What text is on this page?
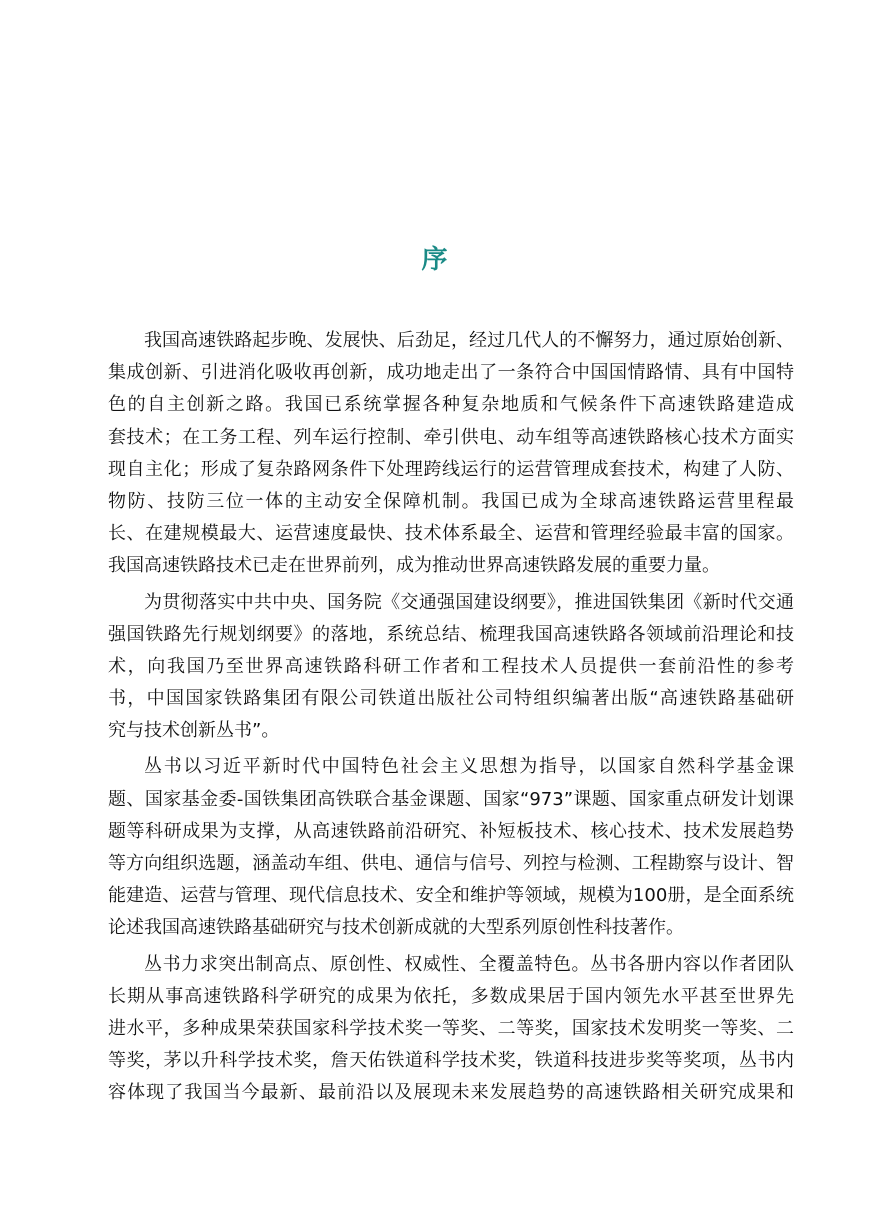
序
我国高速铁路起步晚、发展快、后劲足，经过几代人的不懈努力，通过原始创新、
集成创新、引进消化吸收再创新，成功地走出了一条符合中国国情路情、具有中国特
色的自主创新之路。我国已系统掌握各种复杂地质和气候条件下高速铁路建造成
套技术；在工务工程、列车运行控制、牵引供电、动车组等高速铁路核心技术方面实
现自主化；形成了复杂路网条件下处理跨线运行的运营管理成套技术，构建了人防、
物防、技防三位一体的主动安全保障机制。我国已成为全球高速铁路运营里程最
长、在建规模最大、运营速度最快、技术体系最全、运营和管理经验最丰富的国家。
我国高速铁路技术已走在世界前列，成为推动世界高速铁路发展的重要力量。
为贯彻落实中共中央、国务院《交通强国建设纲要》，推进国铁集团《新时代交通
强国铁路先行规划纲要》的落地，系统总结、梳理我国高速铁路各领域前沿理论和技
术，向我国乃至世界高速铁路科研工作者和工程技术人员提供一套前沿性的参考
书，中国国家铁路集团有限公司铁道出版社公司特组织编著出版“高速铁路基础研
究与技术创新丛书”。
丛书以习近平新时代中国特色社会主义思想为指导，以国家自然科学基金课
题、国家基金委-国铁集团高铁联合基金课题、国家“973”课题、国家重点研发计划课
题等科研成果为支撑，从高速铁路前沿研究、补短板技术、核心技术、技术发展趋势
等方向组织选题，涵盖动车组、供电、通信与信号、列控与检测、工程勘察与设计、智
能建造、运营与管理、现代信息技术、安全和维护等领域，规模为100册，是全面系统
论述我国高速铁路基础研究与技术创新成就的大型系列原创性科技著作。
丛书力求突出制高点、原创性、权威性、全覆盖特色。丛书各册内容以作者团队
长期从事高速铁路科学研究的成果为依托，多数成果居于国内领先水平甚至世界先
进水平，多种成果荣获国家科学技术奖一等奖、二等奖，国家技术发明奖一等奖、二
等奖，茅以升科学技术奖，詹天佑铁道科学技术奖，铁道科技进步奖等奖项，丛书内
容体现了我国当今最新、最前沿以及展现未来发展趋势的高速铁路相关研究成果和
